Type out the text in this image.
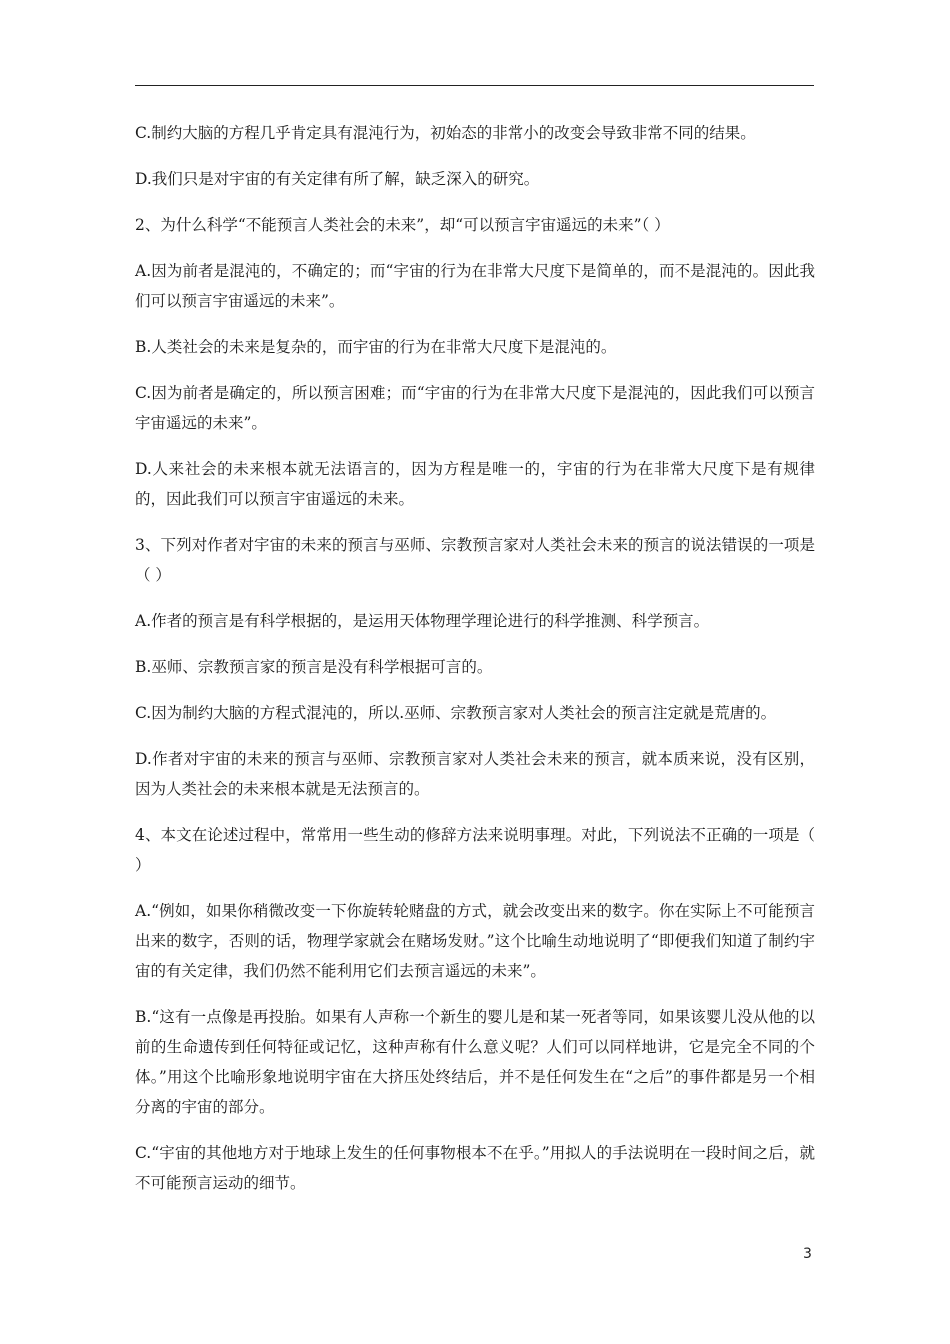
C.制约大脑的方程几乎肯定具有混沌行为，初始态的非常小的改变会导致非常不同的结果。

D.我们只是对宇宙的有关定律有所了解，缺乏深入的研究。

2、为什么科学“不能预言人类社会的未来”，却“可以预言宇宙遥远的未来”（ ）

A.因为前者是混沌的，不确定的；而“宇宙的行为在非常大尺度下是简单的，而不是混沌的。因此我们可以预言宇宙遥远的未来”。

B.人类社会的未来是复杂的，而宇宙的行为在非常大尺度下是混沌的。

C.因为前者是确定的，所以预言困难；而“宇宙的行为在非常大尺度下是混沌的，因此我们可以预言宇宙遥远的未来”。

D.人来社会的未来根本就无法语言的，因为方程是唯一的，宇宙的行为在非常大尺度下是有规律的，因此我们可以预言宇宙遥远的未来。

3、下列对作者对宇宙的未来的预言与巫师、宗教预言家对人类社会未来的预言的说法错误的一项是（ ）

A.作者的预言是有科学根据的，是运用天体物理学理论进行的科学推测、科学预言。

B.巫师、宗教预言家的预言是没有科学根据可言的。

C.因为制约大脑的方程式混沌的，所以.巫师、宗教预言家对人类社会的预言注定就是荒唐的。

D.作者对宇宙的未来的预言与巫师、宗教预言家对人类社会未来的预言，就本质来说，没有区别，因为人类社会的未来根本就是无法预言的。

4、本文在论述过程中，常常用一些生动的修辞方法来说明事理。对此，下列说法不正确的一项是（ ）

A.“例如，如果你稍微改变一下你旋转轮赌盘的方式，就会改变出来的数字。你在实际上不可能预言出来的数字，否则的话，物理学家就会在赌场发财。”这个比喻生动地说明了“即便我们知道了制约宇宙的有关定律，我们仍然不能利用它们去预言遥远的未来”。

B.“这有一点像是再投胎。如果有人声称一个新生的婴儿是和某一死者等同，如果该婴儿没从他的以前的生命遗传到任何特征或记忆，这种声称有什么意义呢？人们可以同样地讲，它是完全不同的个体。”用这个比喻形象地说明宇宙在大挤压处终结后，并不是任何发生在“之后”的事件都是另一个相分离的宇宙的部分。

C.“宇宙的其他地方对于地球上发生的任何事物根本不在乎。”用拟人的手法说明在一段时间之后，就不可能预言运动的细节。

3
